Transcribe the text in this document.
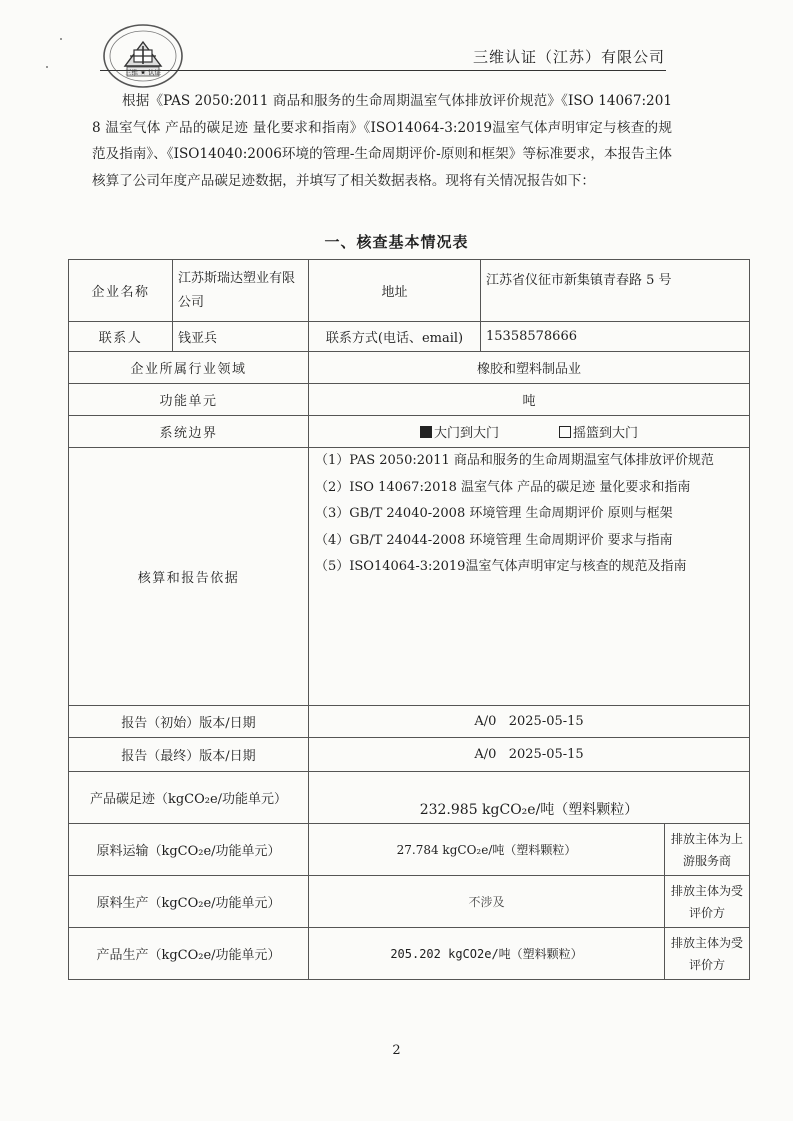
三维 ★ 认证
三维认证（江苏）有限公司
根据《PAS 2050:2011 商品和服务的生命周期温室气体排放评价规范》《ISO 14067:2018 温室气体 产品的碳足迹 量化要求和指南》《ISO14064-3:2019温室气体声明审定与核查的规范及指南》、《ISO14040:2006环境的管理-生命周期评价-原则和框架》等标准要求，本报告主体核算了公司年度产品碳足迹数据，并填写了相关数据表格。现将有关情况报告如下：
一、核查基本情况表
企业名称	江苏斯瑞达塑业有限公司	地址	江苏省仪征市新集镇青春路 5 号	
联系人	钱亚兵	联系方式(电话、email)	15358578666	
企业所属行业领域		橡胶和塑料制品业		
功能单元		吨		
系统边界		大门到大门 摇篮到大门		

核算和报告依据		（1）PAS 2050:2011 商品和服务的生命周期温室气体排放评价规范
（2）ISO 14067:2018 温室气体 产品的碳足迹 量化要求和指南
（3）GB/T 24040-2008 环境管理 生命周期评价 原则与框架
（4）GB/T 24044-2008 环境管理 生命周期评价 要求与指南
（5）ISO14064-3:2019温室气体声明审定与核查的规范及指南		

报告（初始）版本/日期		A/0   2025-05-15		
报告（最终）版本/日期		A/0   2025-05-15		
产品碳足迹（kgCO₂e/功能单元）		232.985 kgCO₂e/吨（塑料颗粒）		
原料运输（kgCO₂e/功能单元）		27.784 kgCO₂e/吨（塑料颗粒）		排放主体为上游服务商
原料生产（kgCO₂e/功能单元）		不涉及		排放主体为受评价方
产品生产（kgCO₂e/功能单元）		205.202 kgCO2e/吨（塑料颗粒）		排放主体为受评价方
2
